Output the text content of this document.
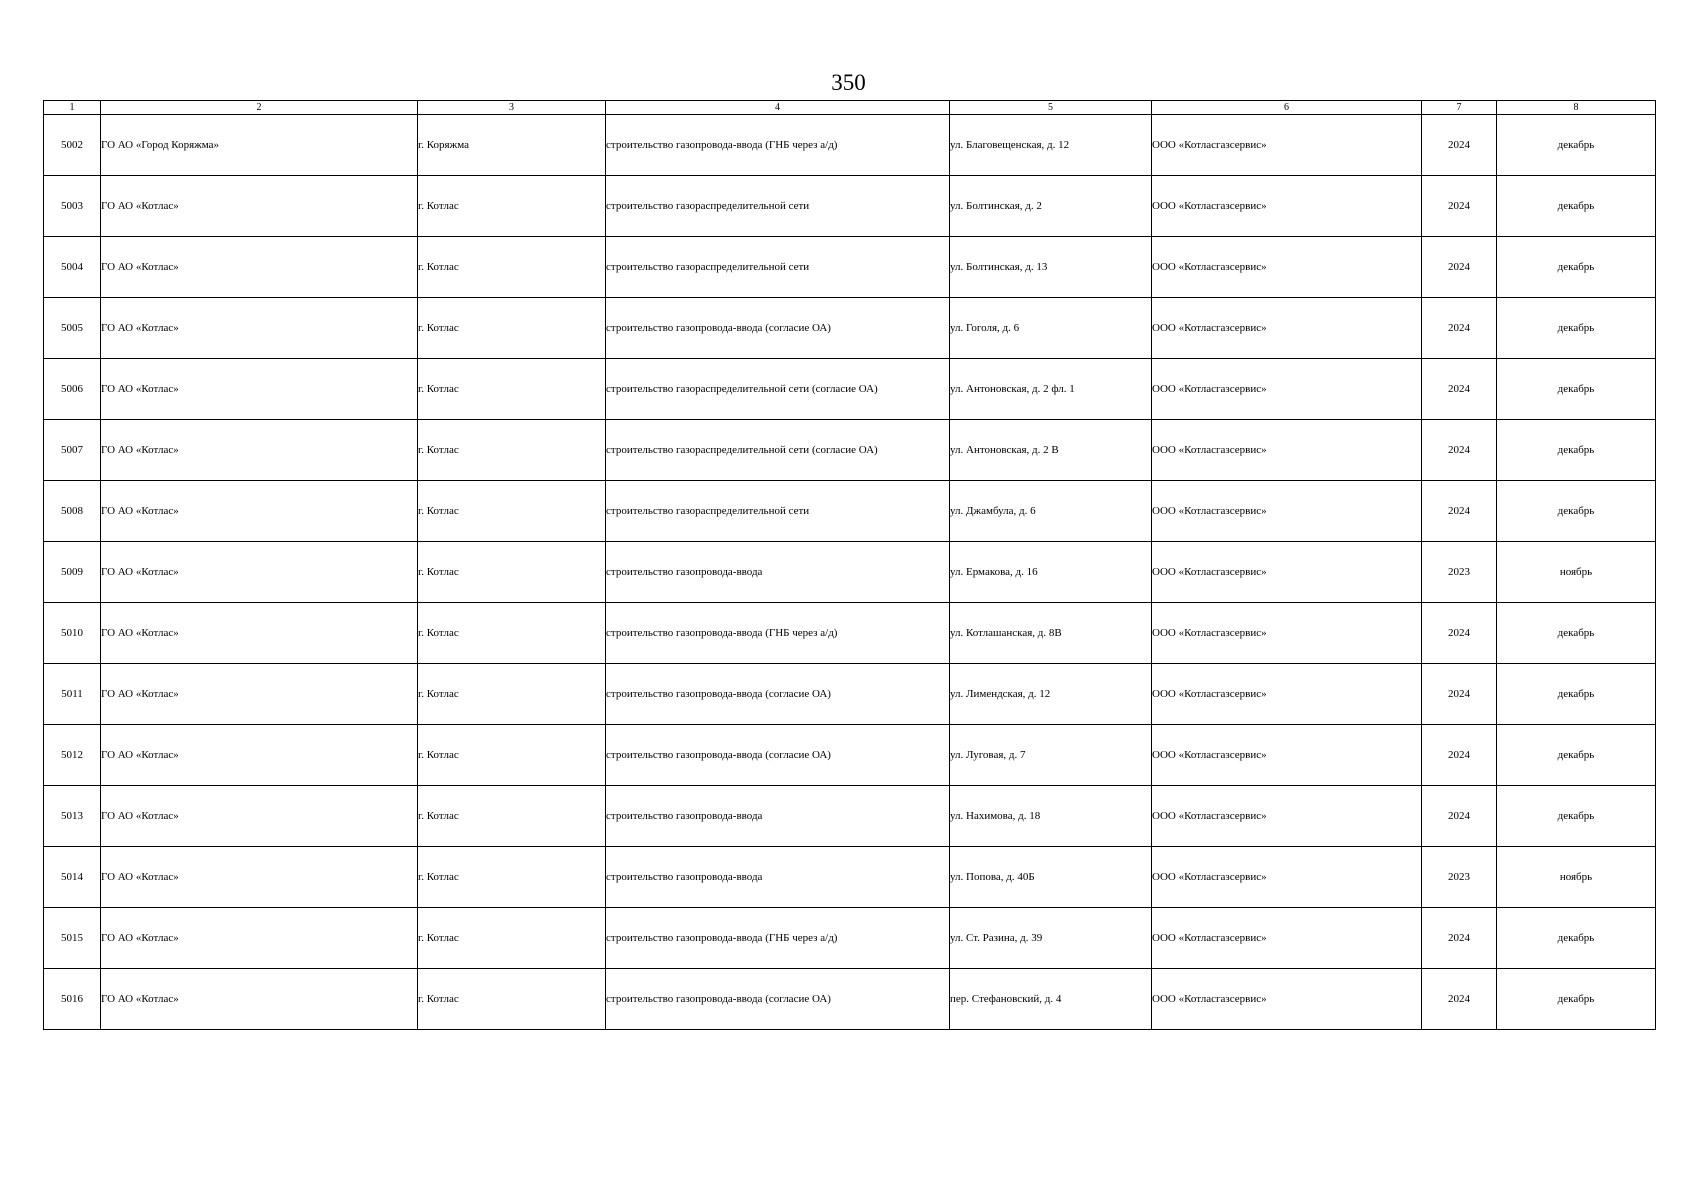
350
1	2	3	4	5	6	7	8
5002	ГО АО «Город Коряжма»	г. Коряжма	строительство газопровода-ввода (ГНБ через а/д)	ул. Благовещенская, д. 12	ООО «Котласгазсервис»	2024	декабрь
5003	ГО АО «Котлас»	г. Котлас	строительство газораспределительной сети	ул. Болтинская, д. 2	ООО «Котласгазсервис»	2024	декабрь
5004	ГО АО «Котлас»	г. Котлас	строительство газораспределительной сети	ул. Болтинская, д. 13	ООО «Котласгазсервис»	2024	декабрь
5005	ГО АО «Котлас»	г. Котлас	строительство газопровода-ввода (согласие ОА)	ул. Гоголя, д. 6	ООО «Котласгазсервис»	2024	декабрь
5006	ГО АО «Котлас»	г. Котлас	строительство газораспределительной сети (согласие ОА)	ул. Антоновская, д. 2 фл. 1	ООО «Котласгазсервис»	2024	декабрь
5007	ГО АО «Котлас»	г. Котлас	строительство газораспределительной сети (согласие ОА)	ул. Антоновская, д. 2 В	ООО «Котласгазсервис»	2024	декабрь
5008	ГО АО «Котлас»	г. Котлас	строительство газораспределительной сети	ул. Джамбула, д. 6	ООО «Котласгазсервис»	2024	декабрь
5009	ГО АО «Котлас»	г. Котлас	строительство газопровода-ввода	ул. Ермакова, д. 16	ООО «Котласгазсервис»	2023	ноябрь
5010	ГО АО «Котлас»	г. Котлас	строительство газопровода-ввода (ГНБ через а/д)	ул. Котлашанская, д. 8В	ООО «Котласгазсервис»	2024	декабрь
5011	ГО АО «Котлас»	г. Котлас	строительство газопровода-ввода (согласие ОА)	ул. Лимендская, д. 12	ООО «Котласгазсервис»	2024	декабрь
5012	ГО АО «Котлас»	г. Котлас	строительство газопровода-ввода (согласие ОА)	ул. Луговая, д. 7	ООО «Котласгазсервис»	2024	декабрь
5013	ГО АО «Котлас»	г. Котлас	строительство газопровода-ввода	ул. Нахимова, д. 18	ООО «Котласгазсервис»	2024	декабрь
5014	ГО АО «Котлас»	г. Котлас	строительство газопровода-ввода	ул. Попова, д. 40Б	ООО «Котласгазсервис»	2023	ноябрь
5015	ГО АО «Котлас»	г. Котлас	строительство газопровода-ввода (ГНБ через а/д)	ул. Ст. Разина, д. 39	ООО «Котласгазсервис»	2024	декабрь
5016	ГО АО «Котлас»	г. Котлас	строительство газопровода-ввода (согласие ОА)	пер. Стефановский, д. 4	ООО «Котласгазсервис»	2024	декабрь
